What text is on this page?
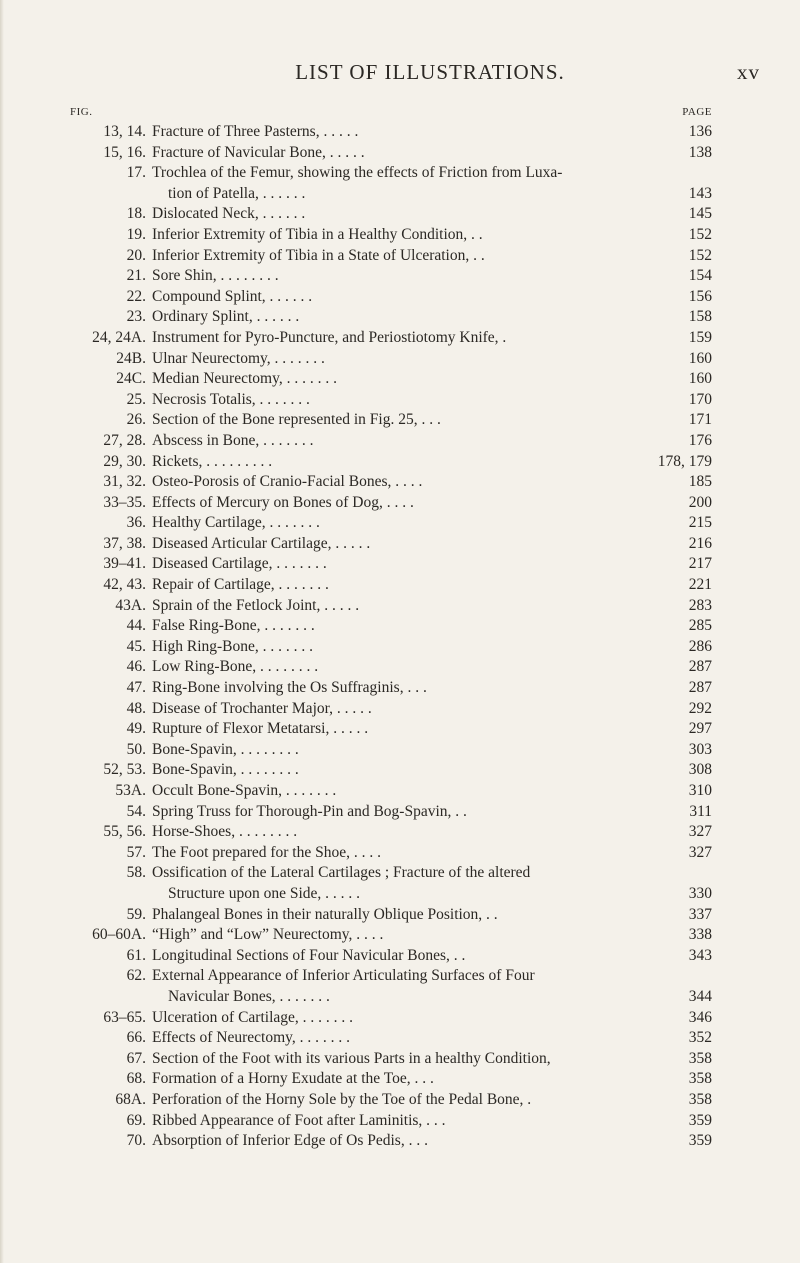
LIST OF ILLUSTRATIONS.	xv
FIG.	PAGE
13, 14. Fracture of Three Pasterns, . . . . .	136
15, 16. Fracture of Navicular Bone, . . . . .	138
17. Trochlea of the Femur, showing the effects of Friction from Luxa-
tion of Patella, . . . . . .	143
18. Dislocated Neck, . . . . . .	145
19. Inferior Extremity of Tibia in a Healthy Condition, . .	152
20. Inferior Extremity of Tibia in a State of Ulceration, . .	152
21. Sore Shin, . . . . . . . .	154
22. Compound Splint, . . . . . .	156
23. Ordinary Splint, . . . . . .	158
24, 24A. Instrument for Pyro-Puncture, and Periostiotomy Knife, .	159
24B. Ulnar Neurectomy, . . . . . . .	160
24C. Median Neurectomy, . . . . . . .	160
25. Necrosis Totalis, . . . . . . .	170
26. Section of the Bone represented in Fig. 25, . . .	171
27, 28. Abscess in Bone, . . . . . . .	176
29, 30. Rickets, . . . . . . . . .	178, 179
31, 32. Osteo-Porosis of Cranio-Facial Bones, . . . .	185
33–35. Effects of Mercury on Bones of Dog, . . . .	200
36. Healthy Cartilage, . . . . . . .	215
37, 38. Diseased Articular Cartilage, . . . . .	216
39–41. Diseased Cartilage, . . . . . . .	217
42, 43. Repair of Cartilage, . . . . . . .	221
43A. Sprain of the Fetlock Joint, . . . . .	283
44. False Ring-Bone, . . . . . . .	285
45. High Ring-Bone, . . . . . . .	286
46. Low Ring-Bone, . . . . . . . .	287
47. Ring-Bone involving the Os Suffraginis, . . .	287
48. Disease of Trochanter Major, . . . . .	292
49. Rupture of Flexor Metatarsi, . . . . .	297
50. Bone-Spavin, . . . . . . . .	303
52, 53. Bone-Spavin, . . . . . . . .	308
53A. Occult Bone-Spavin, . . . . . . .	310
54. Spring Truss for Thorough-Pin and Bog-Spavin, . .	311
55, 56. Horse-Shoes, . . . . . . . .	327
57. The Foot prepared for the Shoe, . . . .	327
58. Ossification of the Lateral Cartilages ; Fracture of the altered
Structure upon one Side, . . . . .	330
59. Phalangeal Bones in their naturally Oblique Position, . .	337
60–60A. “High” and “Low” Neurectomy, . . . .	338
61. Longitudinal Sections of Four Navicular Bones, . .	343
62. External Appearance of Inferior Articulating Surfaces of Four
Navicular Bones, . . . . . . .	344
63–65. Ulceration of Cartilage, . . . . . . .	346
66. Effects of Neurectomy, . . . . . . .	352
67. Section of the Foot with its various Parts in a healthy Condition,	358
68. Formation of a Horny Exudate at the Toe, . . .	358
68A. Perforation of the Horny Sole by the Toe of the Pedal Bone, .	358
69. Ribbed Appearance of Foot after Laminitis, . . .	359
70. Absorption of Inferior Edge of Os Pedis, . . .	359
